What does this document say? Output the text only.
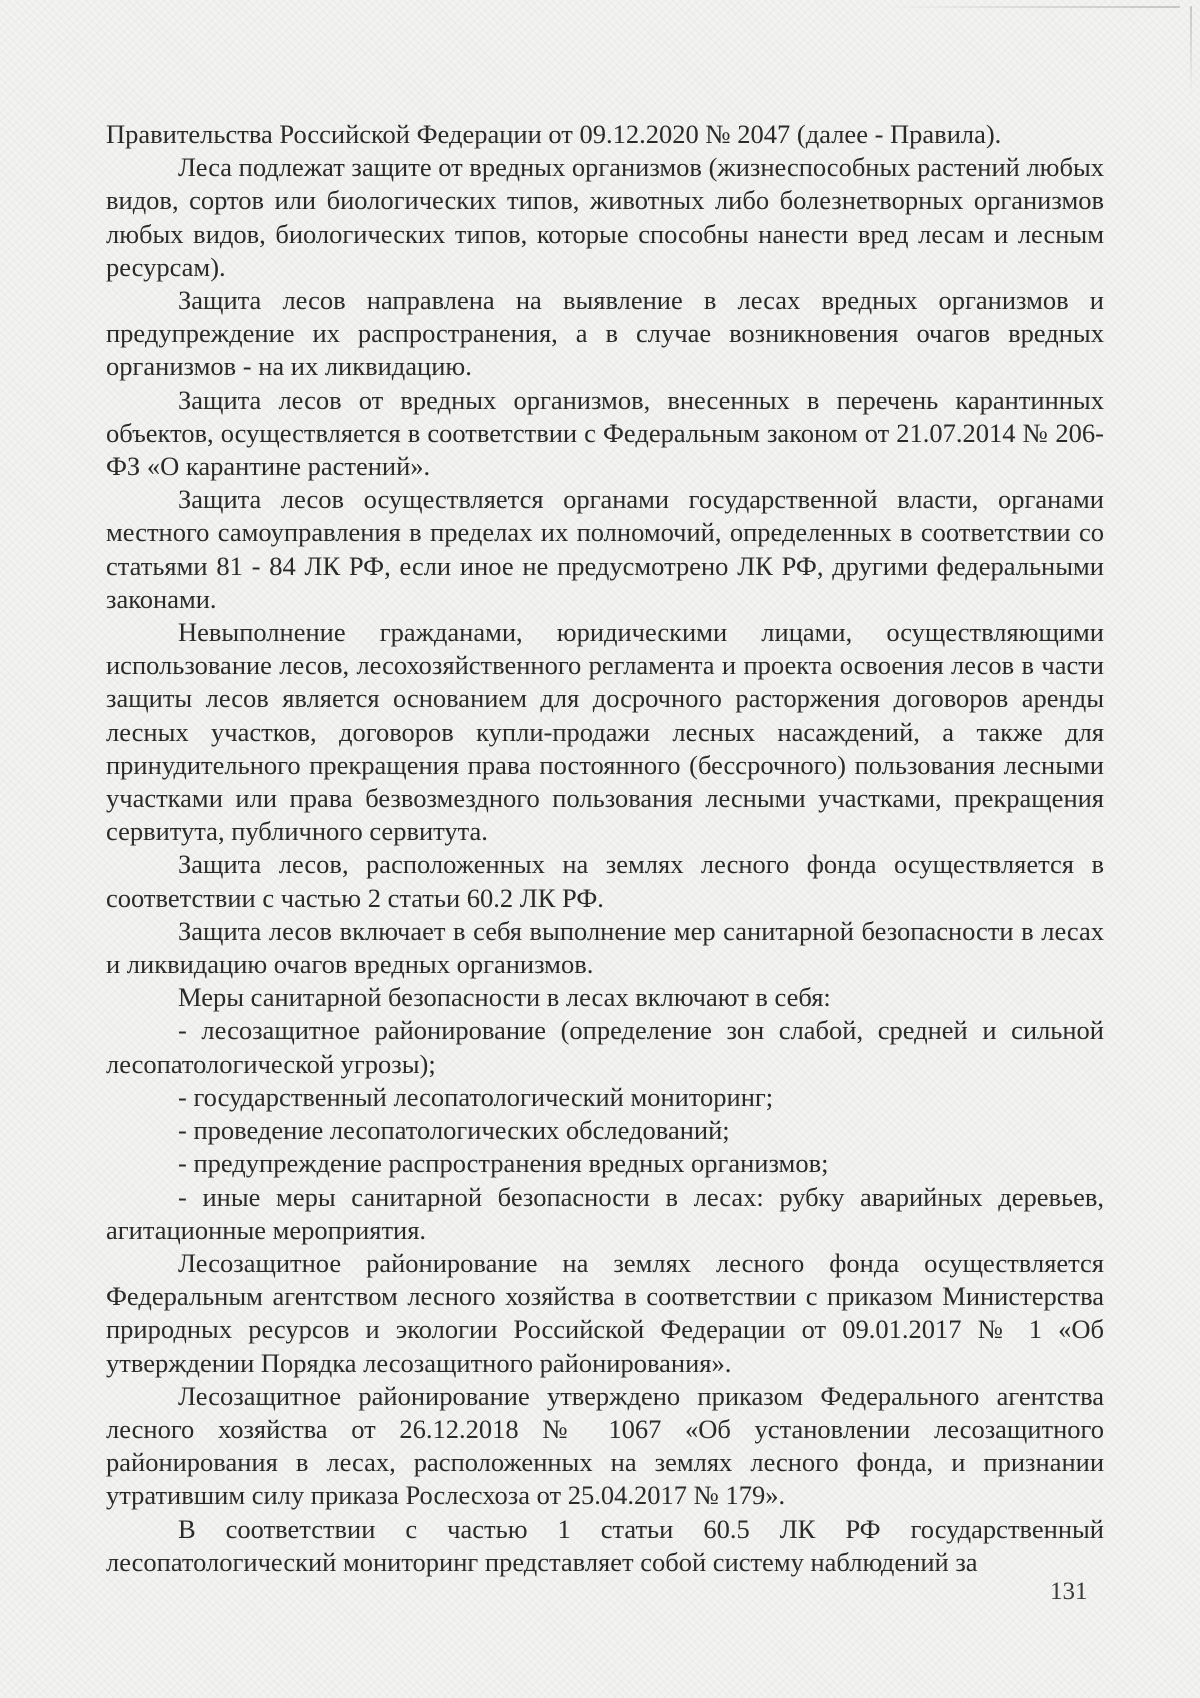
Правительства Российской Федерации от 09.12.2020 № 2047 (далее - Правила).

Леса подлежат защите от вредных организмов (жизнеспособных растений любых видов, сортов или биологических типов, животных либо болезнетворных организмов любых видов, биологических типов, которые способны нанести вред лесам и лесным ресурсам).

Защита лесов направлена на выявление в лесах вредных организмов и предупреждение их распространения, а в случае возникновения очагов вредных организмов - на их ликвидацию.

Защита лесов от вредных организмов, внесенных в перечень карантинных объектов, осуществляется в соответствии с Федеральным законом от 21.07.2014 № 206-ФЗ «О карантине растений».

Защита лесов осуществляется органами государственной власти, органами местного самоуправления в пределах их полномочий, определенных в соответствии со статьями 81 - 84 ЛК РФ, если иное не предусмотрено ЛК РФ, другими федеральными законами.

Невыполнение гражданами, юридическими лицами, осуществляющими использование лесов, лесохозяйственного регламента и проекта освоения лесов в части защиты лесов является основанием для досрочного расторжения договоров аренды лесных участков, договоров купли-продажи лесных насаждений, а также для принудительного прекращения права постоянного (бессрочного) пользования лесными участками или права безвозмездного пользования лесными участками, прекращения сервитута, публичного сервитута.

Защита лесов, расположенных на землях лесного фонда осуществляется в соответствии с частью 2 статьи 60.2 ЛК РФ.

Защита лесов включает в себя выполнение мер санитарной безопасности в лесах и ликвидацию очагов вредных организмов.

Меры санитарной безопасности в лесах включают в себя:

- лесозащитное районирование (определение зон слабой, средней и сильной лесопатологической угрозы);

- государственный лесопатологический мониторинг;

- проведение лесопатологических обследований;

- предупреждение распространения вредных организмов;

- иные меры санитарной безопасности в лесах: рубку аварийных деревьев, агитационные мероприятия.

Лесозащитное районирование на землях лесного фонда осуществляется Федеральным агентством лесного хозяйства в соответствии с приказом Министерства природных ресурсов и экологии Российской Федерации от 09.01.2017 № 1 «Об утверждении Порядка лесозащитного районирования».

Лесозащитное районирование утверждено приказом Федерального агентства лесного хозяйства от 26.12.2018 № 1067 «Об установлении лесозащитного районирования в лесах, расположенных на землях лесного фонда, и признании утратившим силу приказа Рослесхоза от 25.04.2017 № 179».

В соответствии с частью 1 статьи 60.5 ЛК РФ государственный лесопатологический мониторинг представляет собой систему наблюдений за

131
